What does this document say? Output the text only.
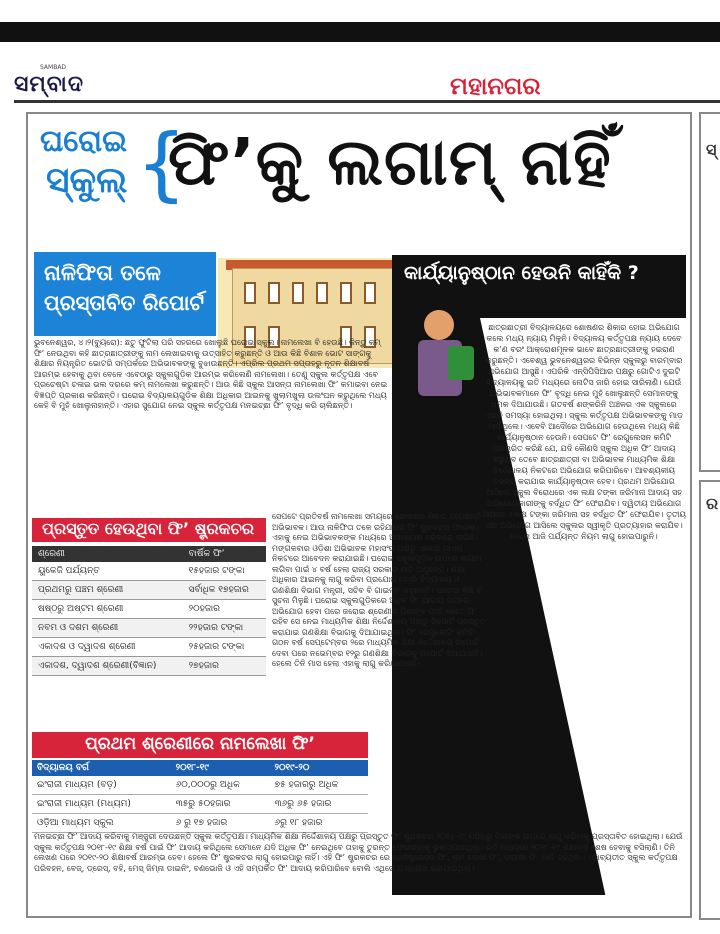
SAMBAD
ସମ୍ବାଦ	ମହାନଗର
ଘରୋଇ
ସ୍କୁଲ୍ {
ଫି’କୁ ଲଗାମ୍ ନାହିଁ
ନାଳିଫିତା ତଳେ ପ୍ରସ୍ତାବିତ ରିପୋର୍ଟ
କାର୍ଯ୍ୟାନୁଷ୍ଠାନ ହେଉନି କାହିଁକି ?
ଭୁବନେଶ୍ୱର, ୪।୨(ବ୍ୟୁରୋ): ଛତୁ ଫୁଟିଲା ପରି ସହରରେ ଖୋଲୁଛି ଘରୋଇ ସ୍କୁଲ। ନାମଲେଖା ବି ହେଉଛି। କିନ୍ତୁ କମ୍ ଫି’ ନେଉଥିବା କହି ଛାତ୍ରଛାତ୍ରୀଙ୍କୁ ନାମ ଲେଖାଇବାକୁ ଉତ୍ସାହିତ କରୁଛନ୍ତି ଓ ଆଉ କିଛି ବିଶାଳ ଭୋଟ ସାଙ୍ଗକୁ ଶିକ୍ଷାର ନିୟନ୍ତ୍ରିତ ଭୋଟରି ସମ୍ପର୍କରେ ଅଭିଭାବକଙ୍କୁ ବୁଝାଉଛନ୍ତି। ଏପ୍ରିଲ ପ୍ରଥମ ସପ୍ତାହରୁ ନୂତନ ଶିକ୍ଷାବର୍ଷ ଆରମ୍ଭ ହେବାକୁ ଥିବା ବେଳେ ଏବେଠାରୁ ସ୍କୁଲଗୁଡ଼ିକ ଆରମ୍ଭ କରିଲେଣି ନାମଲେଖା। ତେଣୁ ସ୍କୁଲ କର୍ତ୍ତୃପକ୍ଷ ଏବେ ପ୍ରଚେଷ୍ଟା ଚଳାଇ ଭଲ ଦରରେ କମ୍ ନାମଲେଖା କରୁଛନ୍ତି। ଆଉ କିଛି ସ୍କୁଲ ଆସନ୍ତା ନାମଲେଖା ଫି’ କମାଇବା ନେଇ ବିଜ୍ଞପ୍ତି ପ୍ରକାଶ କରିଛନ୍ତି। ଘରୋଇ ବିଦ୍ୟାଳୟଗୁଡ଼ିକ ଶିକ୍ଷା ଅଧିକାର ଆଇନକୁ ଖୁଲାମଖୁଲା ଉଲଂଘନ କରୁଥିଲେ ମଧ୍ୟ କେହି ବି ମୁହଁ ଖୋଲୁନାହାନ୍ତି। ଏହାର ସୁଯୋଗ ନେଇ ସ୍କୁଲ କର୍ତ୍ତୃପକ୍ଷ ମନଇଚ୍ଛା ଫି’ ବୃଦ୍ଧି କରି ଚାଲିଛନ୍ତି।
ସେପଟେ ପ୍ରତିବର୍ଷ ନାମଲେଖା ସମୟରେ ଶୋଷଣର ଶିକାର ହେଉଛନ୍ତି ଅଭିଭାବକ। ଆଉ ନାଳିଫିତା ତଳେ ରହିଯାଉଛି ଫି’ ଷ୍ଟ୍ରକଚର ଫାଇଲ। ଏହାକୁ ନେଇ ଅଭିଭାବକଙ୍କ ମଧ୍ୟରେ ଅସନ୍ତୋଷ ବଢ଼ିବାରେ ଲାଗିଛି। ମଙ୍ଗଳବାର ଓଡ଼ିଶା ଅଭିଭାବକ ମହାସଂଘ ପକ୍ଷରୁ ଏନେଇ ଡ଼ୀଏଲା ନିକଟରେ ଆବେଦନ କରାଯାଇଛି। ଘରୋଇ ସ୍କୁଲଗୁଡ଼ିକ ଉପରେ ଲଗାମ ଲଗିବା ପାଇଁ ୪ ବର୍ଷ ହେଲା ରାଜ୍ୟ ସରକାର ନୀତି ଅଣୁଛନ୍ତି। ଶିକ୍ଷା ଅଧିକାର ଆଇନକୁ ଲାଗୁ କରିବା ପ୍ରଯୋଗ ବୋଲି ବିଦ୍ୟାଳୟ ଓ ଗଣଶିକ୍ଷା ବିଭାଗ ମନ୍ତ୍ରୀ, ସଚିବ ବି ଗାଇମ୍ବ କହୁଛନ୍ତି। ଘରୋଇ ଲିଛି ବି ସୁଚନା ମିଳୁଛି। ଘରୋଇ ସ୍କୁଲଗୁଡ଼ିକରେ ଅଧିକ ଫି’ ଆଦାୟ ଉପରେ ଅଭିଯୋଗ ହେବା ପରେ ଜରୋଇ ଶ୍ରେଣୀର ପିଲାଙ୍କ ପାଇଁ କେତେ ଫି’ ରହିବ ସେ ନେଇ ମାଧ୍ୟମିକ ଶିକ୍ଷା ନିର୍ଦ୍ଦେଶାଳୟ ପକ୍ଷରୁ ରିପୋର୍ଟ ପ୍ରସ୍ତୁତ କରାଯାଇ ଗଣଶିକ୍ଷା ବିଭାଗକୁ ଦିଆଯାଇଥିଲା। ଫି’ ରେଗୁଲେଟିଂ କମିଟି ଗଠନ ବର୍ଷ ସେପ୍ଟେମ୍ବର ୨ରେ ମାଧ୍ୟମିକ ଶିକ୍ଷା ନିର୍ଦ୍ଦେଶାଳୟ ରିପୋର୍ଟ ଦେବା ପରେ ନଭେମ୍ବର ୧୨ରୁ ଗଣଶିକ୍ଷା ବିଭାଗକୁ ରିପୋର୍ଟ ଦିଆଯାଇଛି। ହେଲେ ତିନି ମାସ ହେଲା ଏହାକୁ ଲାଗୁ କରିଯାଉନାହିଁ।
ଛାତ୍ରଛାତ୍ରୀ ବିଦ୍ୟାଳୟରେ ଶୋଷଣର ଶିକାର ହୋଇ ଅଭିଯୋଗ କଲେ ମଧ୍ୟ ନ୍ୟାୟ ମିଳୁନି। ବିଦ୍ୟାଳୟ କର୍ତ୍ତୃପକ୍ଷ ନ୍ୟାୟ ଦେବେ କ’ଣ ବରଂ ଆକ୍ରୋଶମୂଳକ ଭାବେ ଛାତ୍ରଛାତ୍ରୀଙ୍କୁ ହଇରାଣ କରୁଛନ୍ତି। ଏବେଶ୍ୱ ଭୁବନେଶ୍ୱରର ବିଭିନ୍ନ ସ୍କୁଲରୁ ବାରମ୍ବାର ଅଭିଯୋଗ ଆସୁଛି। ଏପରିକି ଏନ୍‌ସିପିସିଆର ପକ୍ଷରୁ ଗୋଟିଏ ଦୁଇଟି ବିଦ୍ୟାଳୟକୁ ଇତି ମଧ୍ୟରେ ନୋଟିସ ଜାରି ହୋଇ ସାରିଲାଣି। ଯେଉଁ ଅଭିଭାବକମାନେ ଫି’ ବୃଦ୍ଧି ନେଇ ମୁହଁ ଖୋଲୁଛନ୍ତି ସେମାନଙ୍କୁ ଧମକ ଦିଆଯାଉଛି। ଗତବର୍ଷ ଶଙ୍କରିନି ଅଞ୍ଚଳର ଏକ ସ୍କୁଲରେ ଏଭଳି ସମସ୍ୟା ହୋଇଥିଲା। ସ୍କୁଲ କର୍ତ୍ତୃପକ୍ଷ ଅଭିଭାବକଙ୍କୁ ମାଡ଼ ମାରିଥିଲେ। ଏବେବି ଆଦୌରେ ଅଭିଯୋଗ ହେଉଥିଲେ ମଧ୍ୟ କିଛି କାର୍ଯ୍ୟାନୁଷ୍ଠାନ ହେଉନି। ସେପଟେ ଫି’ ରେଗୁଲେସନ କମିଟି ପ୍ରଚାରିତ କରିଛି ଯେ, ଯଦି କୌଣସି ସ୍କୁଲ ଅଧିକ ଫି’ ଆଦାୟ କରୁଥିବ ତେବେ ଛାତ୍ରଛାତ୍ରୀ ବା ଅଭିଭାବକ ମାଧ୍ୟମିକ ଶିକ୍ଷା ନିର୍ଦ୍ଦେଶାଳୟ ନିକଟରେ ଅଭିଯୋଗ କରିପାରିବେ। ଆବଶ୍ୟକୀୟ ତଦନ୍ତ କରାଯାଇ କାର୍ଯ୍ୟାନୁଷ୍ଠାନ ହେବ। ପ୍ରଥମ ଅଭିଯୋଗ ଆସିଲେ ସ୍କୁଲ ବିରୋଧରେ ଏକ ଲକ୍ଷ ଟଙ୍କା ଜରିମାନା ଆଦାୟ ସହ ଅଭିଯୋଗକାରୀଙ୍କୁ ବର୍ଦ୍ଧିତ ଫି’ ଫେରାଯିବ। ଦ୍ୱିତୀୟ ଅଭିଯୋଗ ଆସିଲେ ୫ଲକ୍ଷ ଟଙ୍କା ଜରିମାନା ସହ ବର୍ଦ୍ଧିତ ଫି’ ଫେରାଯିବ। ତୃତୀୟ ଥର ଅଭିଯୋଗ ଆସିଲେ ସ୍କୁଲର ସ୍ୱୀକୃତି ପ୍ରତ୍ୟାହାର କରାଯିବ। ହେଲେ ଆଜି ପର୍ଯ୍ୟନ୍ତ ନିୟମ ଲାଗୁ ହୋଇପାରୁନି।
ପ୍ରସ୍ତୁତ ହେଉଥିବା ଫି’ ଷ୍ଟ୍ରକଚର
ଶ୍ରେଣୀ	ବାର୍ଷିକ ଫି’
ୟୁକେଜି ପର୍ଯ୍ୟନ୍ତ	୧୫ହଜାର ଟଙ୍କା
ପ୍ରଥମରୁ ପଞ୍ଚମ ଶ୍ରେଣୀ	ସର୍ବାଧିକ ୧୭ହଜାର
ଷଷ୍ଠରୁ ଅଷ୍ଟମ ଶ୍ରେଣୀ	୨୦ହଜାର
ନବମ ଓ ଦଶମ ଶ୍ରେଣୀ	୨୨ହଜାର ଟଙ୍କା
ଏକାଦଶ ଓ ଦ୍ୱାଦଶ ଶ୍ରେଣୀ	୨୫ହଜାର ଟଙ୍କା
ଏକାଦଶ, ଦ୍ୱାଦଶ ଶ୍ରେଣୀ(ବିଜ୍ଞାନ)	୨୭ହଜାର
ପ୍ରଥମ ଶ୍ରେଣୀରେ ନାମଲେଖା ଫି’
ବିଦ୍ୟାଳୟ ବର୍ଗ	୨୦୧୮-୧୯	୨୦୧୯-୨୦
ଇଂରାଜୀ ମାଧ୍ୟମ (ବଡ଼)	୬୦,୦୦୦ରୁ ଅଧିକ	୭୫ ହଜାରରୁ ଅଧିକ
ଇଂରାଜୀ ମାଧ୍ୟମ (ମଧ୍ୟମ)	୩୫ରୁ ୫୦ହଜାର	୩୬ରୁ ୬୫ ହଜାର
ଓଡ଼ିଆ ମାଧ୍ୟମ ସ୍କୁଲ	୬ ରୁ ୧୭ ହଜାର	୬ରୁ ୧୮ ହଜାର
ମନଇଚ୍ଛା ଫି’ ଆଦାୟ କରିବାକୁ ମଞ୍ଜୁରୀ ଦେଉଛନ୍ତି ସ୍କୁଲ କର୍ତ୍ତୃପକ୍ଷ। ମାଧ୍ୟମିକ ଶିକ୍ଷା ନିର୍ଦ୍ଦେଶାଳୟ ପକ୍ଷରୁ ପ୍ରସ୍ତୁତ ଫି’ ଷ୍ଟ୍ରକଚର ୨୦୧୭-୧୮ ମସିହାରୁ ପିଲାଙ୍କ ଉପରେ ଲାଗୁ କରିବାକୁ ପ୍ରସ୍ତାବିତ ହୋଇଥିଲା। ଯେଉଁ ସ୍କୁଲ କର୍ତ୍ତୃପକ୍ଷ ୨୦୧୮-୧୯ ଶିକ୍ଷା ବର୍ଷ ପାଇଁ ଫି’ ଆଦାୟ କରିଥିଲେ ସେମାନେ ଯଦି ଅଧିକ ଫି’ ନେଇଥିବେ ତାହାକୁ ତୁରନ୍ତ ଫେରାଇବାକୁ ଭୁକ୍ତାଯାଇଥିଲା। ଇତି ମଧ୍ୟରେ ୨୦୧୮-୧୯ ଶିକ୍ଷାବର୍ଷ ଶେଷ ହେବାକୁ ବସିଲାଣି। ତିନି ଲେଖଣ ପରେ ୨୦୧୯-୨୦ ଶିକ୍ଷାବର୍ଷ ଆରମ୍ଭ ହେବ। ହେଲେ ଫି’ ଷ୍ଟ୍ରକଚର ଲାଗୁ ହୋଇପାରୁ ନାହିଁ। ଏହି ଫି’ ଷ୍ଟ୍ରକଚର ରେ ରେଜିଷ୍ଟ୍ରେସନ ଫି’, ନାମ ଲେଖା ଫି’, ପରୀକ୍ଷା ଫି’ ଆଦି ରହିଥିବା। ଏହାବ୍ୟତୀତ ସ୍କୁଲ କର୍ତ୍ତୃପକ୍ଷ ପରିବହନ, ବେଜ୍, ଡ୍ରେସ୍, ବହି, ମେସ୍ ଜିମ୍ନା ଡାଇନିଂ, ବଣଭୋଜି ଓ ଏହି ସମ୍ପର୍କିତ ଫି’ ଆଦାୟ କରିପାରିବେ ବୋଲି ଏଥିରେ ଉଲ୍ଲେଖ କରାଯାଇଥିଲା।
ସ୍
ର
